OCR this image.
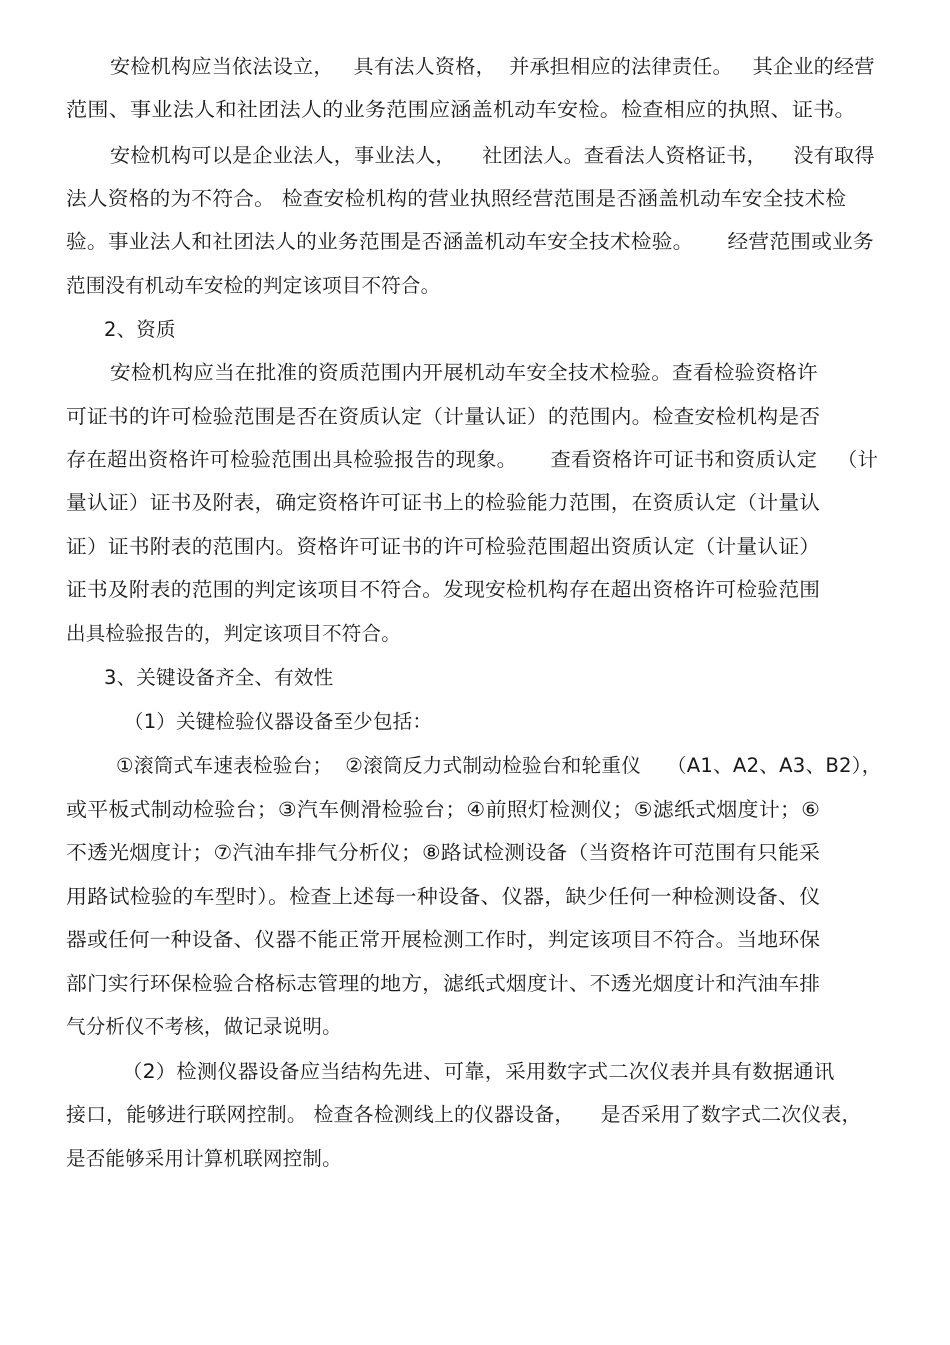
安检机构应当依法设立，   具有法人资格，  并承担相应的法律责任。   其企业的经营
范围、事业法人和社团法人的业务范围应涵盖机动车安检。检查相应的执照、证书。
安检机构可以是企业法人，事业法人，    社团法人。查看法人资格证书，    没有取得
法人资格的为不符合。 检查安检机构的营业执照经营范围是否涵盖机动车安全技术检
验。事业法人和社团法人的业务范围是否涵盖机动车安全技术检验。     经营范围或业务
范围没有机动车安检的判定该项目不符合。
2、资质
安检机构应当在批准的资质范围内开展机动车安全技术检验。查看检验资格许
可证书的许可检验范围是否在资质认定（计量认证）的范围内。检查安检机构是否
存在超出资格许可检验范围出具检验报告的现象。     查看资格许可证书和资质认定   （计
量认证）证书及附表，确定资格许可证书上的检验能力范围，在资质认定（计量认
证）证书附表的范围内。资格许可证书的许可检验范围超出资质认定（计量认证）
证书及附表的范围的判定该项目不符合。发现安检机构存在超出资格许可检验范围
出具检验报告的，判定该项目不符合。
3、关键设备齐全、有效性
（1）关键检验仪器设备至少包括：
①滚筒式车速表检验台；  ②滚筒反力式制动检验台和轮重仪    （A1、A2、A3、B2），
或平板式制动检验台；③汽车侧滑检验台；④前照灯检测仪；⑤滤纸式烟度计；⑥
不透光烟度计；⑦汽油车排气分析仪；⑧路试检测设备（当资格许可范围有只能采
用路试检验的车型时）。检查上述每一种设备、仪器，缺少任何一种检测设备、仪
器或任何一种设备、仪器不能正常开展检测工作时，判定该项目不符合。当地环保
部门实行环保检验合格标志管理的地方，滤纸式烟度计、不透光烟度计和汽油车排
气分析仪不考核，做记录说明。
（2）检测仪器设备应当结构先进、可靠，采用数字式二次仪表并具有数据通讯
接口，能够进行联网控制。 检查各检测线上的仪器设备，    是否采用了数字式二次仪表，
是否能够采用计算机联网控制。
